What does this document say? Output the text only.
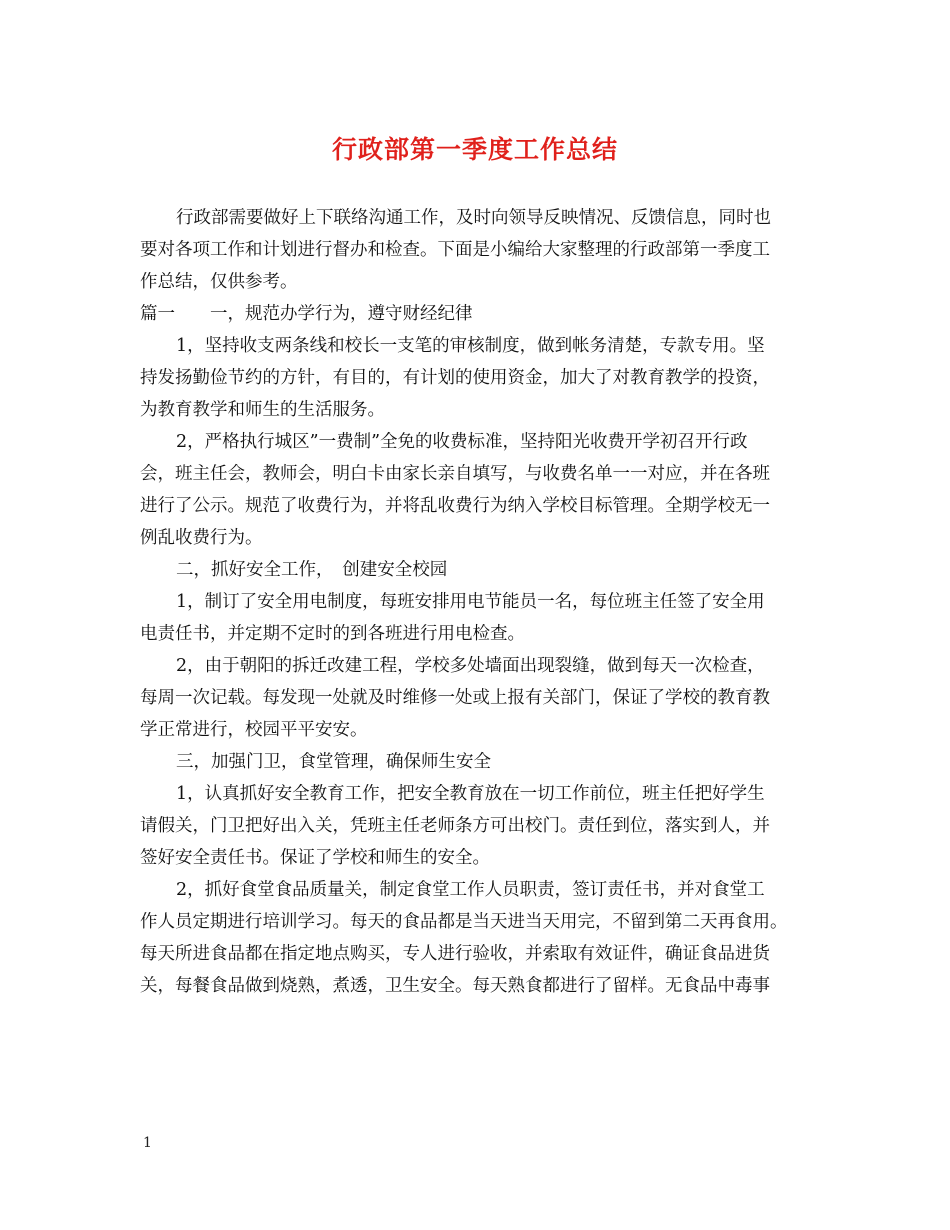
行政部第一季度工作总结
行政部需要做好上下联络沟通工作，及时向领导反映情况、反馈信息，同时也
要对各项工作和计划进行督办和检查。下面是小编给大家整理的行政部第一季度工
作总结，仅供参考。
篇一　　一，规范办学行为，遵守财经纪律
1，坚持收支两条线和校长一支笔的审核制度，做到帐务清楚，专款专用。坚
持发扬勤俭节约的方针，有目的，有计划的使用资金，加大了对教育教学的投资，
为教育教学和师生的生活服务。
2，严格执行城区”一费制”全免的收费标准，坚持阳光收费开学初召开行政
会，班主任会，教师会，明白卡由家长亲自填写，与收费名单一一对应，并在各班
进行了公示。规范了收费行为，并将乱收费行为纳入学校目标管理。全期学校无一
例乱收费行为。
二，抓好安全工作，　创建安全校园
1，制订了安全用电制度，每班安排用电节能员一名，每位班主任签了安全用
电责任书，并定期不定时的到各班进行用电检查。
2，由于朝阳的拆迁改建工程，学校多处墙面出现裂缝，做到每天一次检查，
每周一次记载。每发现一处就及时维修一处或上报有关部门，保证了学校的教育教
学正常进行，校园平平安安。
三，加强门卫，食堂管理，确保师生安全
1，认真抓好安全教育工作，把安全教育放在一切工作前位，班主任把好学生
请假关，门卫把好出入关，凭班主任老师条方可出校门。责任到位，落实到人，并
签好安全责任书。保证了学校和师生的安全。
2，抓好食堂食品质量关，制定食堂工作人员职责，签订责任书，并对食堂工
作人员定期进行培训学习。每天的食品都是当天进当天用完，不留到第二天再食用。
每天所进食品都在指定地点购买，专人进行验收，并索取有效证件，确证食品进货
关，每餐食品做到烧熟，煮透，卫生安全。每天熟食都进行了留样。无食品中毒事
1
